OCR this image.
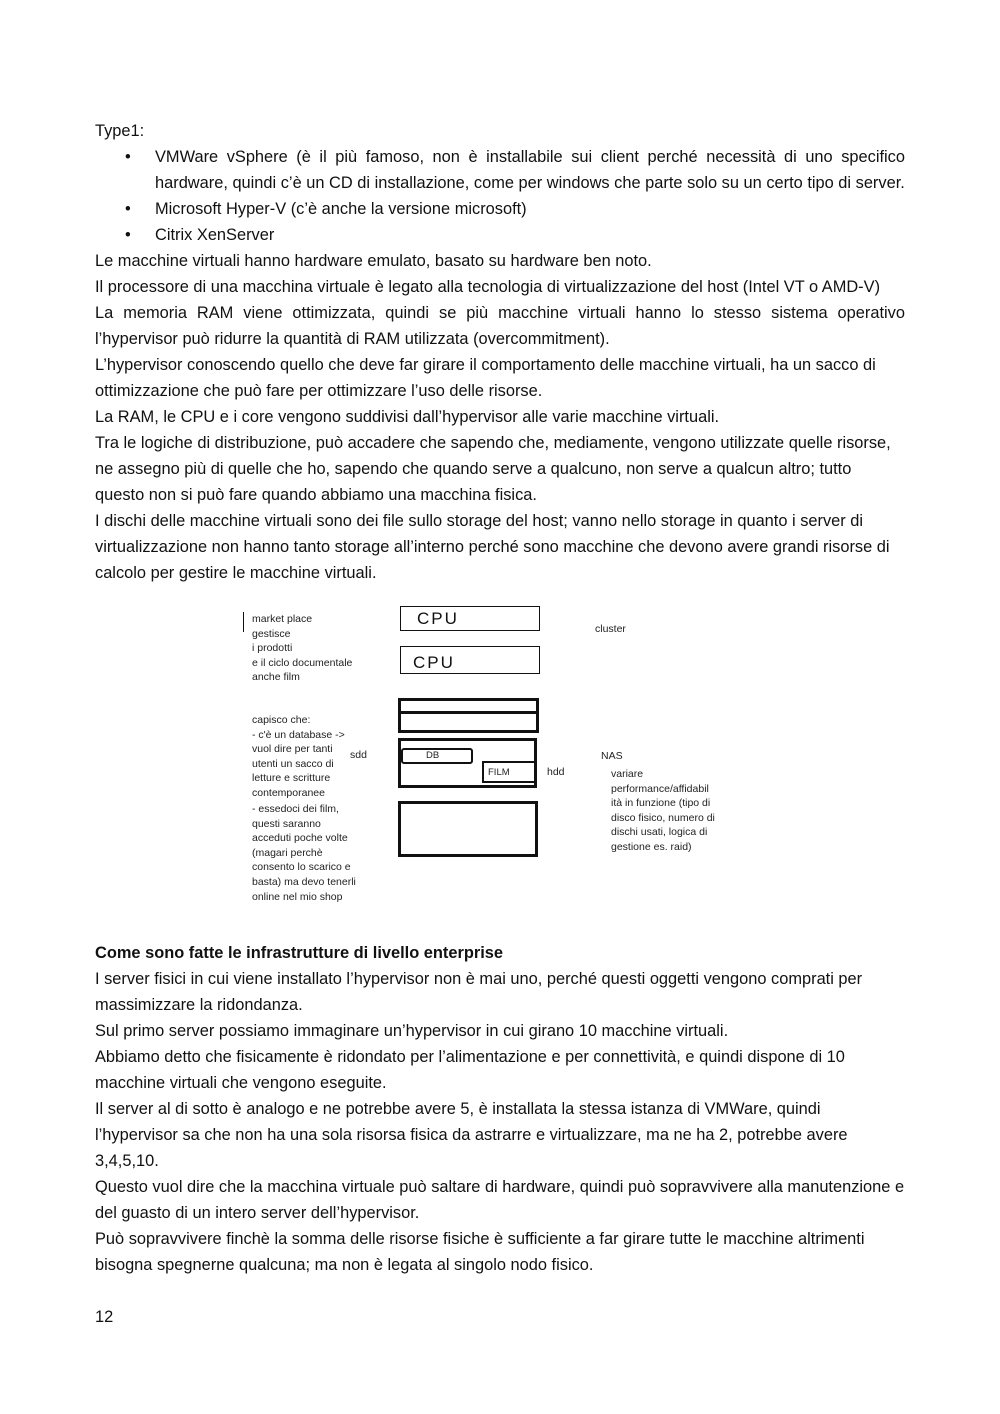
Type1:

• VMWare vSphere (è il più famoso, non è installabile sui client perché necessità di uno specifico hardware, quindi c’è un CD di installazione, come per windows che parte solo su un certo tipo di server.
• Microsoft Hyper-V (c’è anche la versione microsoft)
• Citrix XenServer

Le macchine virtuali hanno hardware emulato, basato su hardware ben noto.

Il processore di una macchina virtuale è legato alla tecnologia di virtualizzazione del host (Intel VT o AMD-V)

La memoria RAM viene ottimizzata, quindi se più macchine virtuali hanno lo stesso sistema operativo l’hypervisor può ridurre la quantità di RAM utilizzata (overcommitment).

L’hypervisor conoscendo quello che deve far girare il comportamento delle macchine virtuali, ha un sacco di ottimizzazione che può fare per ottimizzare l’uso delle risorse.

La RAM, le CPU e i core vengono suddivisi dall’hypervisor alle varie macchine virtuali.

Tra le logiche di distribuzione, può accadere che sapendo che, mediamente, vengono utilizzate quelle risorse, ne assegno più di quelle che ho, sapendo che quando serve a qualcuno, non serve a qualcun altro; tutto questo non si può fare quando abbiamo una macchina fisica.

I dischi delle macchine virtuali sono dei file sullo storage del host; vanno nello storage in quanto i server di virtualizzazione non hanno tanto storage all’interno perché sono macchine che devono avere grandi risorse di calcolo per gestire le macchine virtuali.

market place
gestisce
i prodotti
e il ciclo documentale
anche film
capisco che:
- c'è un database ->
vuol dire per tanti
utenti un sacco di
letture e scritture
contemporanee
- essedoci dei film,
questi saranno
acceduti poche volte
(magari perchè
consento lo scarico e
basta) ma devo tenerli
online nel mio shop
CPU
CPU
cluster
DB
FILM
sdd
hdd
NAS
variare
performance/affidabil
ità in funzione (tipo di
disco fisico, numero di
dischi usati, logica di
gestione es. raid)

Come sono fatte le infrastrutture di livello enterprise

I server fisici in cui viene installato l’hypervisor non è mai uno, perché questi oggetti vengono comprati per massimizzare la ridondanza.

Sul primo server possiamo immaginare un’hypervisor in cui girano 10 macchine virtuali.

Abbiamo detto che fisicamente è ridondato per l’alimentazione e per connettività, e quindi dispone di 10 macchine virtuali che vengono eseguite.

Il server al di sotto è analogo e ne potrebbe avere 5, è installata la stessa istanza di VMWare, quindi l’hypervisor sa che non ha una sola risorsa fisica da astrarre e virtualizzare, ma ne ha 2, potrebbe avere 3,4,5,10.

Questo vuol dire che la macchina virtuale può saltare di hardware, quindi può sopravvivere alla manutenzione e del guasto di un intero server dell’hypervisor.

Può sopravvivere finchè la somma delle risorse fisiche è sufficiente a far girare tutte le macchine altrimenti bisogna spegnerne qualcuna; ma non è legata al singolo nodo fisico.

12
